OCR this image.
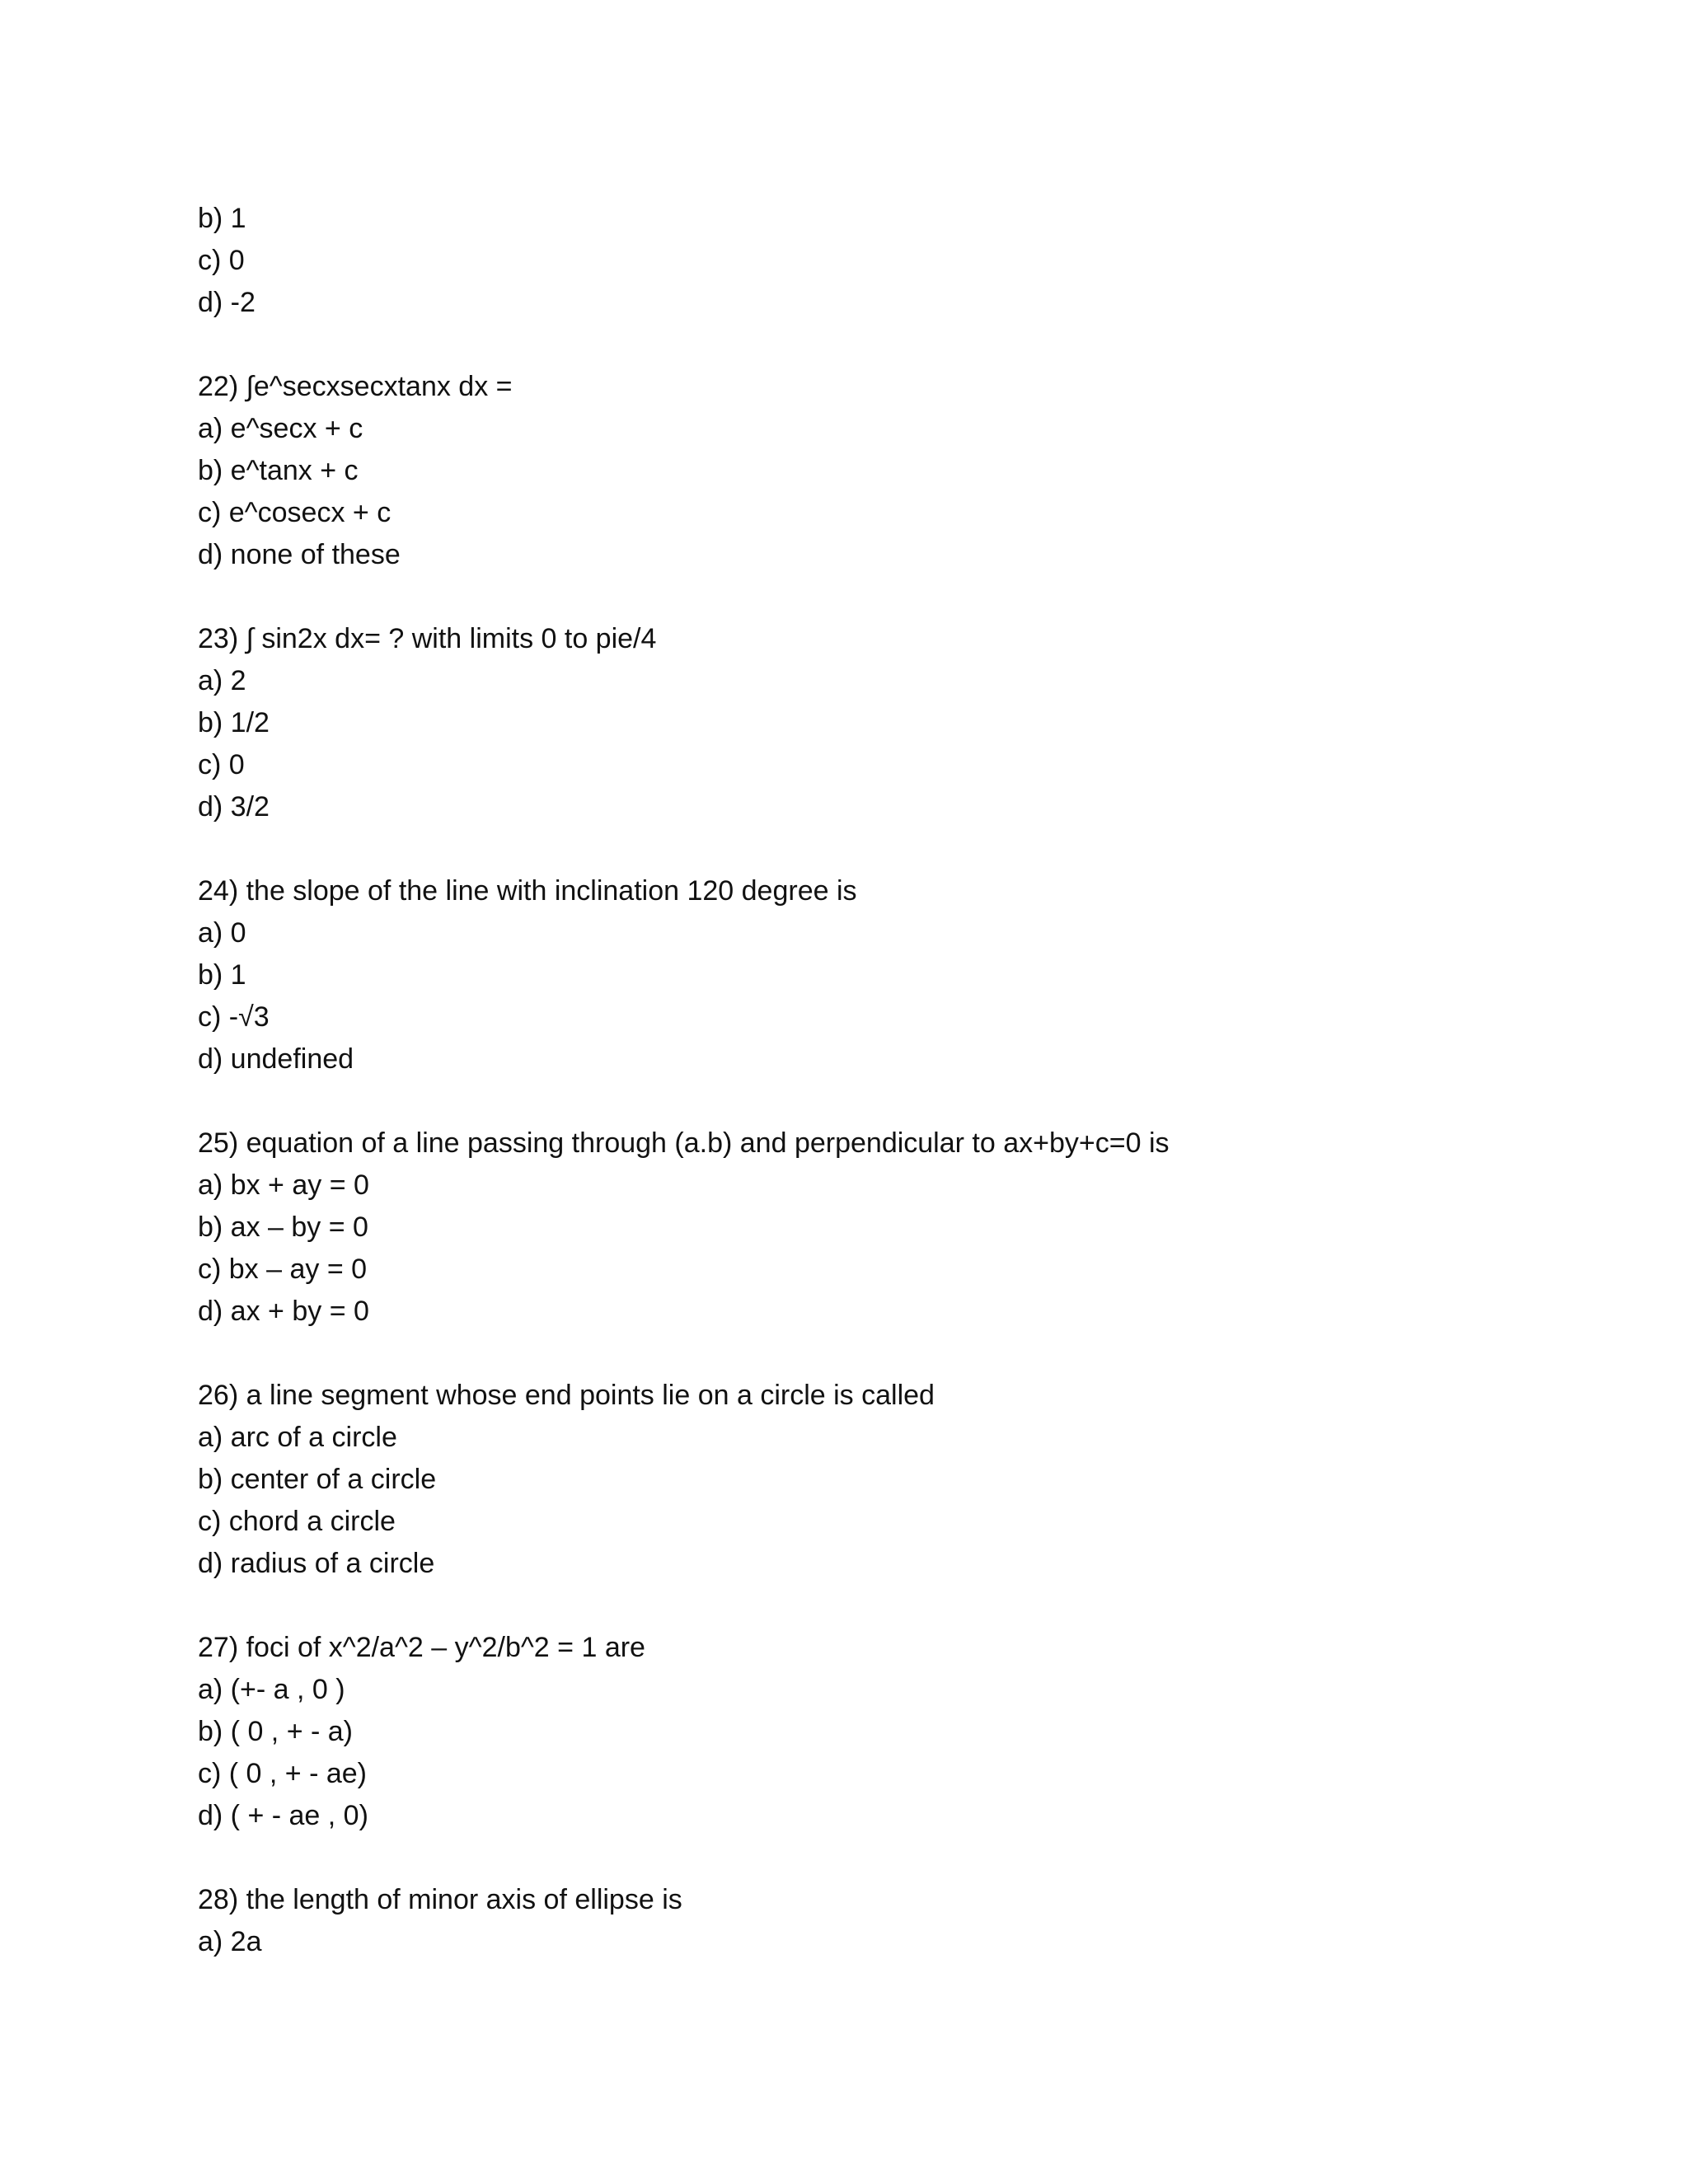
b) 1
c) 0
d) -2
22) ∫e^secxsecxtanx dx =
a) e^secx + c
b) e^tanx + c
c) e^cosecx + c
d) none of these
23) ∫ sin2x dx= ? with limits 0 to pie/4
a) 2
b) 1/2
c) 0
d) 3/2
24) the slope of the line with inclination 120 degree is
a) 0
b) 1
c) -√3
d) undefined
25) equation of a line passing through (a.b) and perpendicular to ax+by+c=0 is
a) bx + ay = 0
b) ax – by = 0
c) bx – ay = 0
d) ax + by = 0
26) a line segment whose end points lie on a circle is called
a) arc of a circle
b) center of a circle
c) chord a circle
d) radius of a circle
27) foci of x^2/a^2 – y^2/b^2 = 1 are
a) (+- a , 0 )
b) ( 0 , + - a)
c) ( 0 , + - ae)
d) ( + - ae , 0)
28) the length of minor axis of ellipse is
a) 2a
